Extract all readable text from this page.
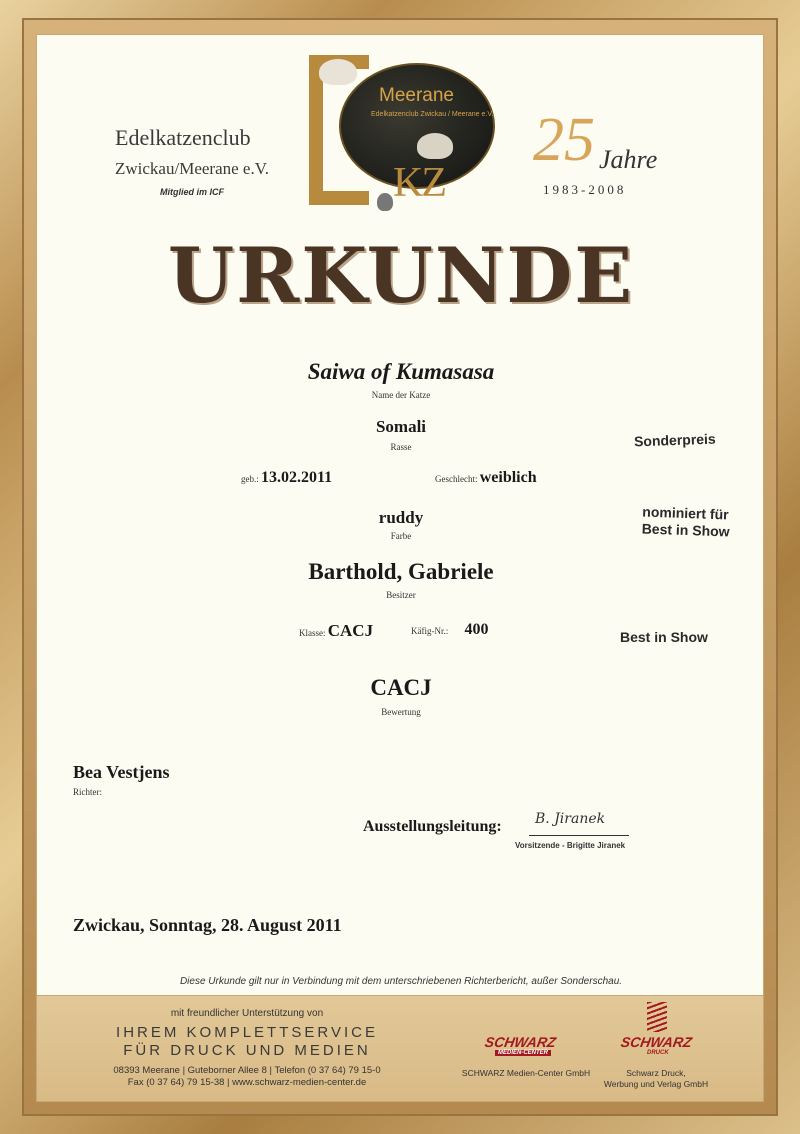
Edelkatzenclub
Zwickau/Meerane e.V.
Mitglied im ICF
Meerane
Edelkatzenclub Zwickau / Meerane e.V.
KZ
25 Jahre
1983-2008
URKUNDE
Saiwa of Kumasasa
Name der Katze
Somali
Rasse
geb.: 13.02.2011	Geschlecht: weiblich
ruddy
Farbe
Barthold, Gabriele
Besitzer
Klasse: CACJ	Käfig-Nr.: 400
CACJ
Bewertung
Sonderpreis
nominiert für
Best in Show
Best in Show
Bea Vestjens
Richter:
Ausstellungsleitung: B. Jiranek
Vorsitzende - Brigitte Jiranek
Zwickau, Sonntag, 28. August 2011
Diese Urkunde gilt nur in Verbindung mit dem unterschriebenen Richterbericht, außer Sonderschau.
mit freundlicher Unterstützung von
IHREM KOMPLETTSERVICE
FÜR DRUCK UND MEDIEN
08393 Meerane | Guteborner Allee 8 | Telefon (0 37 64) 79 15-0
Fax (0 37 64) 79 15-38 | www.schwarz-medien-center.de
SCHWARZ
MEDIEN-CENTER
SCHWARZ
DRUCK
SCHWARZ Medien-Center GmbH	Schwarz Druck,
Werbung und Verlag GmbH
